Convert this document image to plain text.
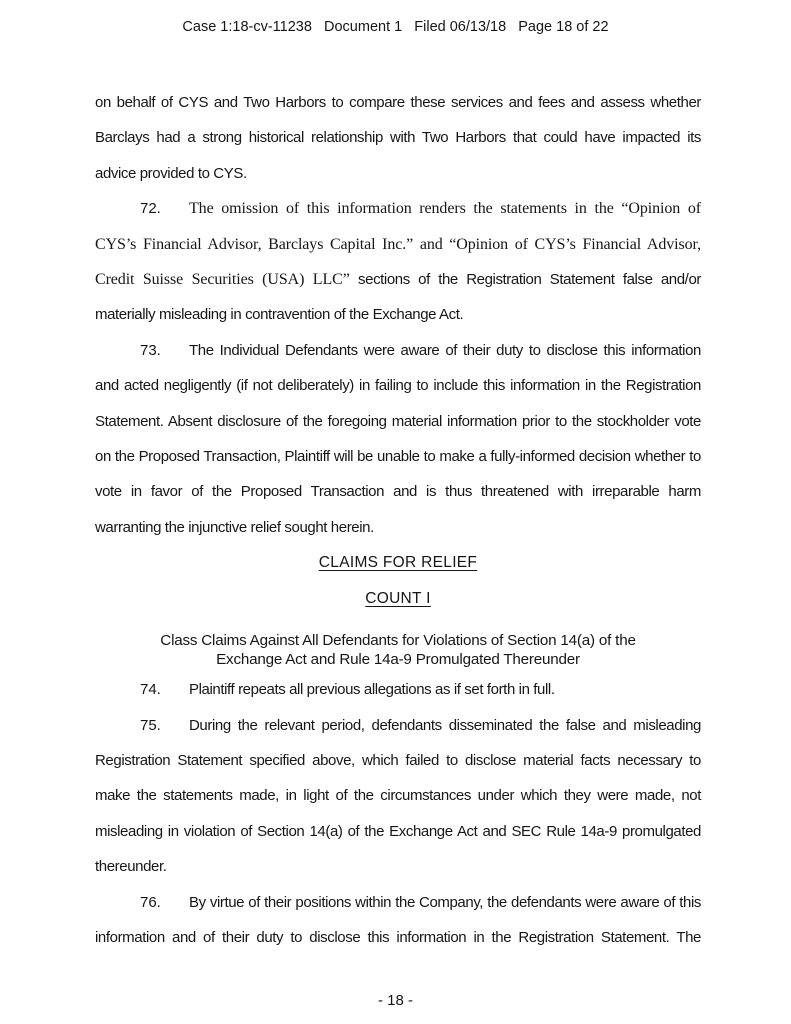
Case 1:18-cv-11238   Document 1   Filed 06/13/18   Page 18 of 22

on behalf of CYS and Two Harbors to compare these services and fees and assess whether Barclays had a strong historical relationship with Two Harbors that could have impacted its advice provided to CYS.

72. The omission of this information renders the statements in the “Opinion of CYS’s Financial Advisor, Barclays Capital Inc.” and “Opinion of CYS’s Financial Advisor, Credit Suisse Securities (USA) LLC” sections of the Registration Statement false and/or materially misleading in contravention of the Exchange Act.

73. The Individual Defendants were aware of their duty to disclose this information and acted negligently (if not deliberately) in failing to include this information in the Registration Statement. Absent disclosure of the foregoing material information prior to the stockholder vote on the Proposed Transaction, Plaintiff will be unable to make a fully-informed decision whether to vote in favor of the Proposed Transaction and is thus threatened with irreparable harm warranting the injunctive relief sought herein.

CLAIMS FOR RELIEF
COUNT I
Class Claims Against All Defendants for Violations of Section 14(a) of the Exchange Act and Rule 14a-9 Promulgated Thereunder

74. Plaintiff repeats all previous allegations as if set forth in full.

75. During the relevant period, defendants disseminated the false and misleading Registration Statement specified above, which failed to disclose material facts necessary to make the statements made, in light of the circumstances under which they were made, not misleading in violation of Section 14(a) of the Exchange Act and SEC Rule 14a-9 promulgated thereunder.

76. By virtue of their positions within the Company, the defendants were aware of this information and of their duty to disclose this information in the Registration Statement. The

- 18 -
